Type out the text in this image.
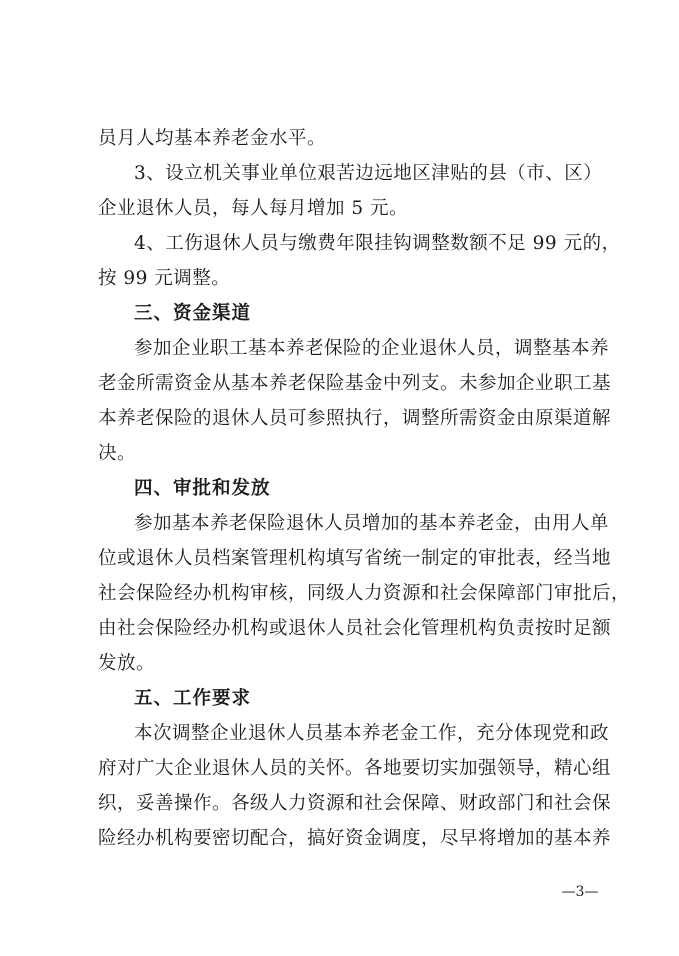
员月人均基本养老金水平。
3、设立机关事业单位艰苦边远地区津贴的县（市、区）
企业退休人员，每人每月增加 5 元。
4、工伤退休人员与缴费年限挂钩调整数额不足 99 元的，
按 99 元调整。
三、资金渠道
参加企业职工基本养老保险的企业退休人员，调整基本养
老金所需资金从基本养老保险基金中列支。未参加企业职工基
本养老保险的退休人员可参照执行，调整所需资金由原渠道解
决。
四、审批和发放
参加基本养老保险退休人员增加的基本养老金，由用人单
位或退休人员档案管理机构填写省统一制定的审批表，经当地
社会保险经办机构审核，同级人力资源和社会保障部门审批后，
由社会保险经办机构或退休人员社会化管理机构负责按时足额
发放。
五、工作要求
本次调整企业退休人员基本养老金工作，充分体现党和政
府对广大企业退休人员的关怀。各地要切实加强领导，精心组
织，妥善操作。各级人力资源和社会保障、财政部门和社会保
险经办机构要密切配合，搞好资金调度，尽早将增加的基本养
—3—
